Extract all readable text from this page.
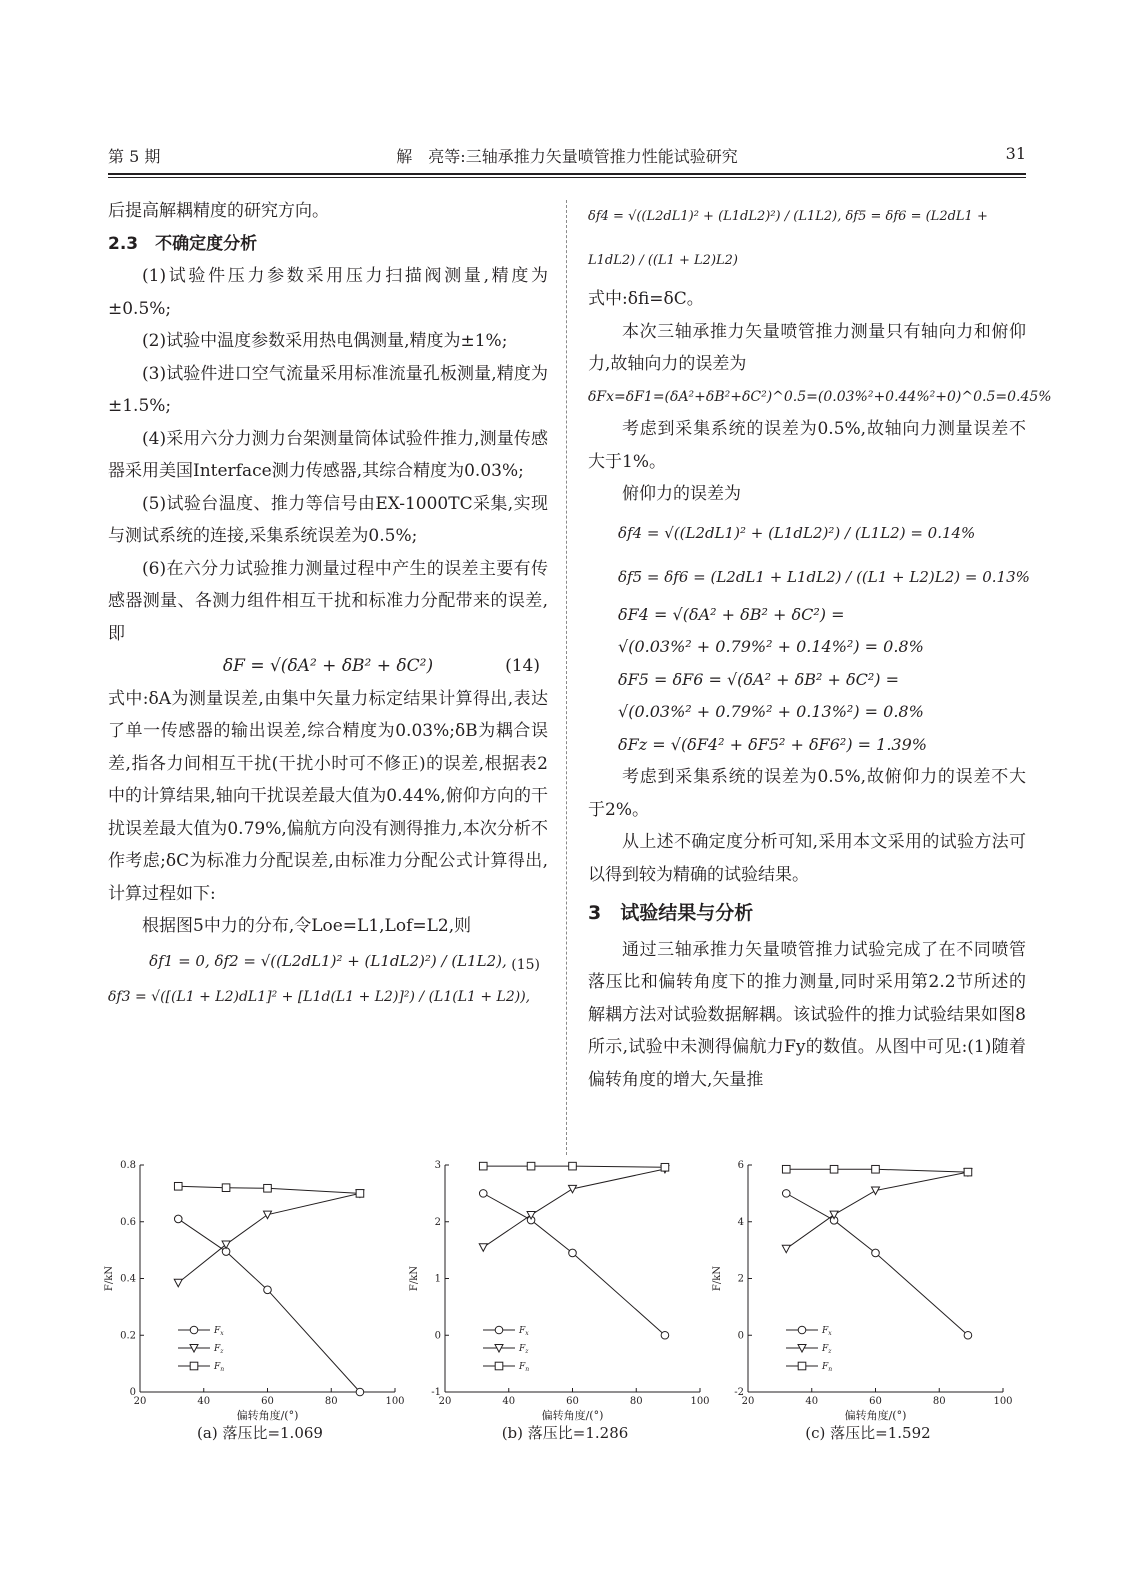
第 5 期	解　亮等:三轴承推力矢量喷管推力性能试验研究	31

后提高解耦精度的研究方向。

2.3　不确定度分析

(1)试验件压力参数采用压力扫描阀测量,精度为±0.5%;

(2)试验中温度参数采用热电偶测量,精度为±1%;

(3)试验件进口空气流量采用标准流量孔板测量,精度为±1.5%;

(4)采用六分力测力台架测量筒体试验件推力,测量传感器采用美国Interface测力传感器,其综合精度为0.03%;

(5)试验台温度、推力等信号由EX-1000TC采集,实现与测试系统的连接,采集系统误差为0.5%;

(6)在六分力试验推力测量过程中产生的误差主要有传感器测量、各测力组件相互干扰和标准力分配带来的误差,即

δF = √(δA² + δB² + δC²)	(14)

式中:δA为测量误差,由集中矢量力标定结果计算得出,表达了单一传感器的输出误差,综合精度为0.03%;δB为耦合误差,指各力间相互干扰(干扰小时可不修正)的误差,根据表2中的计算结果,轴向干扰误差最大值为0.44%,俯仰方向的干扰误差最大值为0.79%,偏航方向没有测得推力,本次分析不作考虑;δC为标准力分配误差,由标准力分配公式计算得出,计算过程如下:

根据图5中力的分布,令Loe=L1,Lof=L2,则

δf1 = 0, δf2 = √((L2dL1)² + (L1dL2)²) / (L1L2),

δf3 = √([(L1 + L2)dL1]² + [L1d(L1 + L2)]²) / (L1(L1 + L2)),
(15)

δf4 = √((L2dL1)² + (L1dL2)²) / (L1L2), δf5 = δf6 = (L2dL1 + L1dL2) / ((L1 + L2)L2)

式中:δfi=δC。

本次三轴承推力矢量喷管推力测量只有轴向力和俯仰力,故轴向力的误差为

δFx=δF1=(δA²+δB²+δC²)^0.5=(0.03%²+0.44%²+0)^0.5=0.45%

考虑到采集系统的误差为0.5%,故轴向力测量误差不大于1%。

俯仰力的误差为

δf4 = √((L2dL1)² + (L1dL2)²) / (L1L2) = 0.14%

δf5 = δf6 = (L2dL1 + L1dL2) / ((L1 + L2)L2) = 0.13%

δF4 = √(δA² + δB² + δC²) =

√(0.03%² + 0.79%² + 0.14%²) = 0.8%

δF5 = δF6 = √(δA² + δB² + δC²) =

√(0.03%² + 0.79%² + 0.13%²) = 0.8%

δFz = √(δF4² + δF5² + δF6²) = 1.39%

考虑到采集系统的误差为0.5%,故俯仰力的误差不大于2%。

从上述不确定度分析可知,采用本文采用的试验方法可以得到较为精确的试验结果。

3　试验结果与分析

通过三轴承推力矢量喷管推力试验完成了在不同喷管落压比和偏转角度下的推力测量,同时采用第2.2节所述的解耦方法对试验数据解耦。该试验件的推力试验结果如图8所示,试验中未测得偏航力Fy的数值。从图中可见:(1)随着偏转角度的增大,矢量推

0
0.2
0.4
0.6
0.8
20	40	60	80	100
偏转角度/(°)
F/kN
$F_x$
$F_z$
$F_n$
-1
0
1
2
3
20	40	60	80	100
偏转角度/(°)
F/kN
$F_x$
$F_z$
$F_n$
-2
0
2
4
6
20	40	60	80	100
偏转角度/(°)
F/kN
$F_x$
$F_z$
$F_n$
(a) 落压比=1.069	(b) 落压比=1.286	(c) 落压比=1.592
